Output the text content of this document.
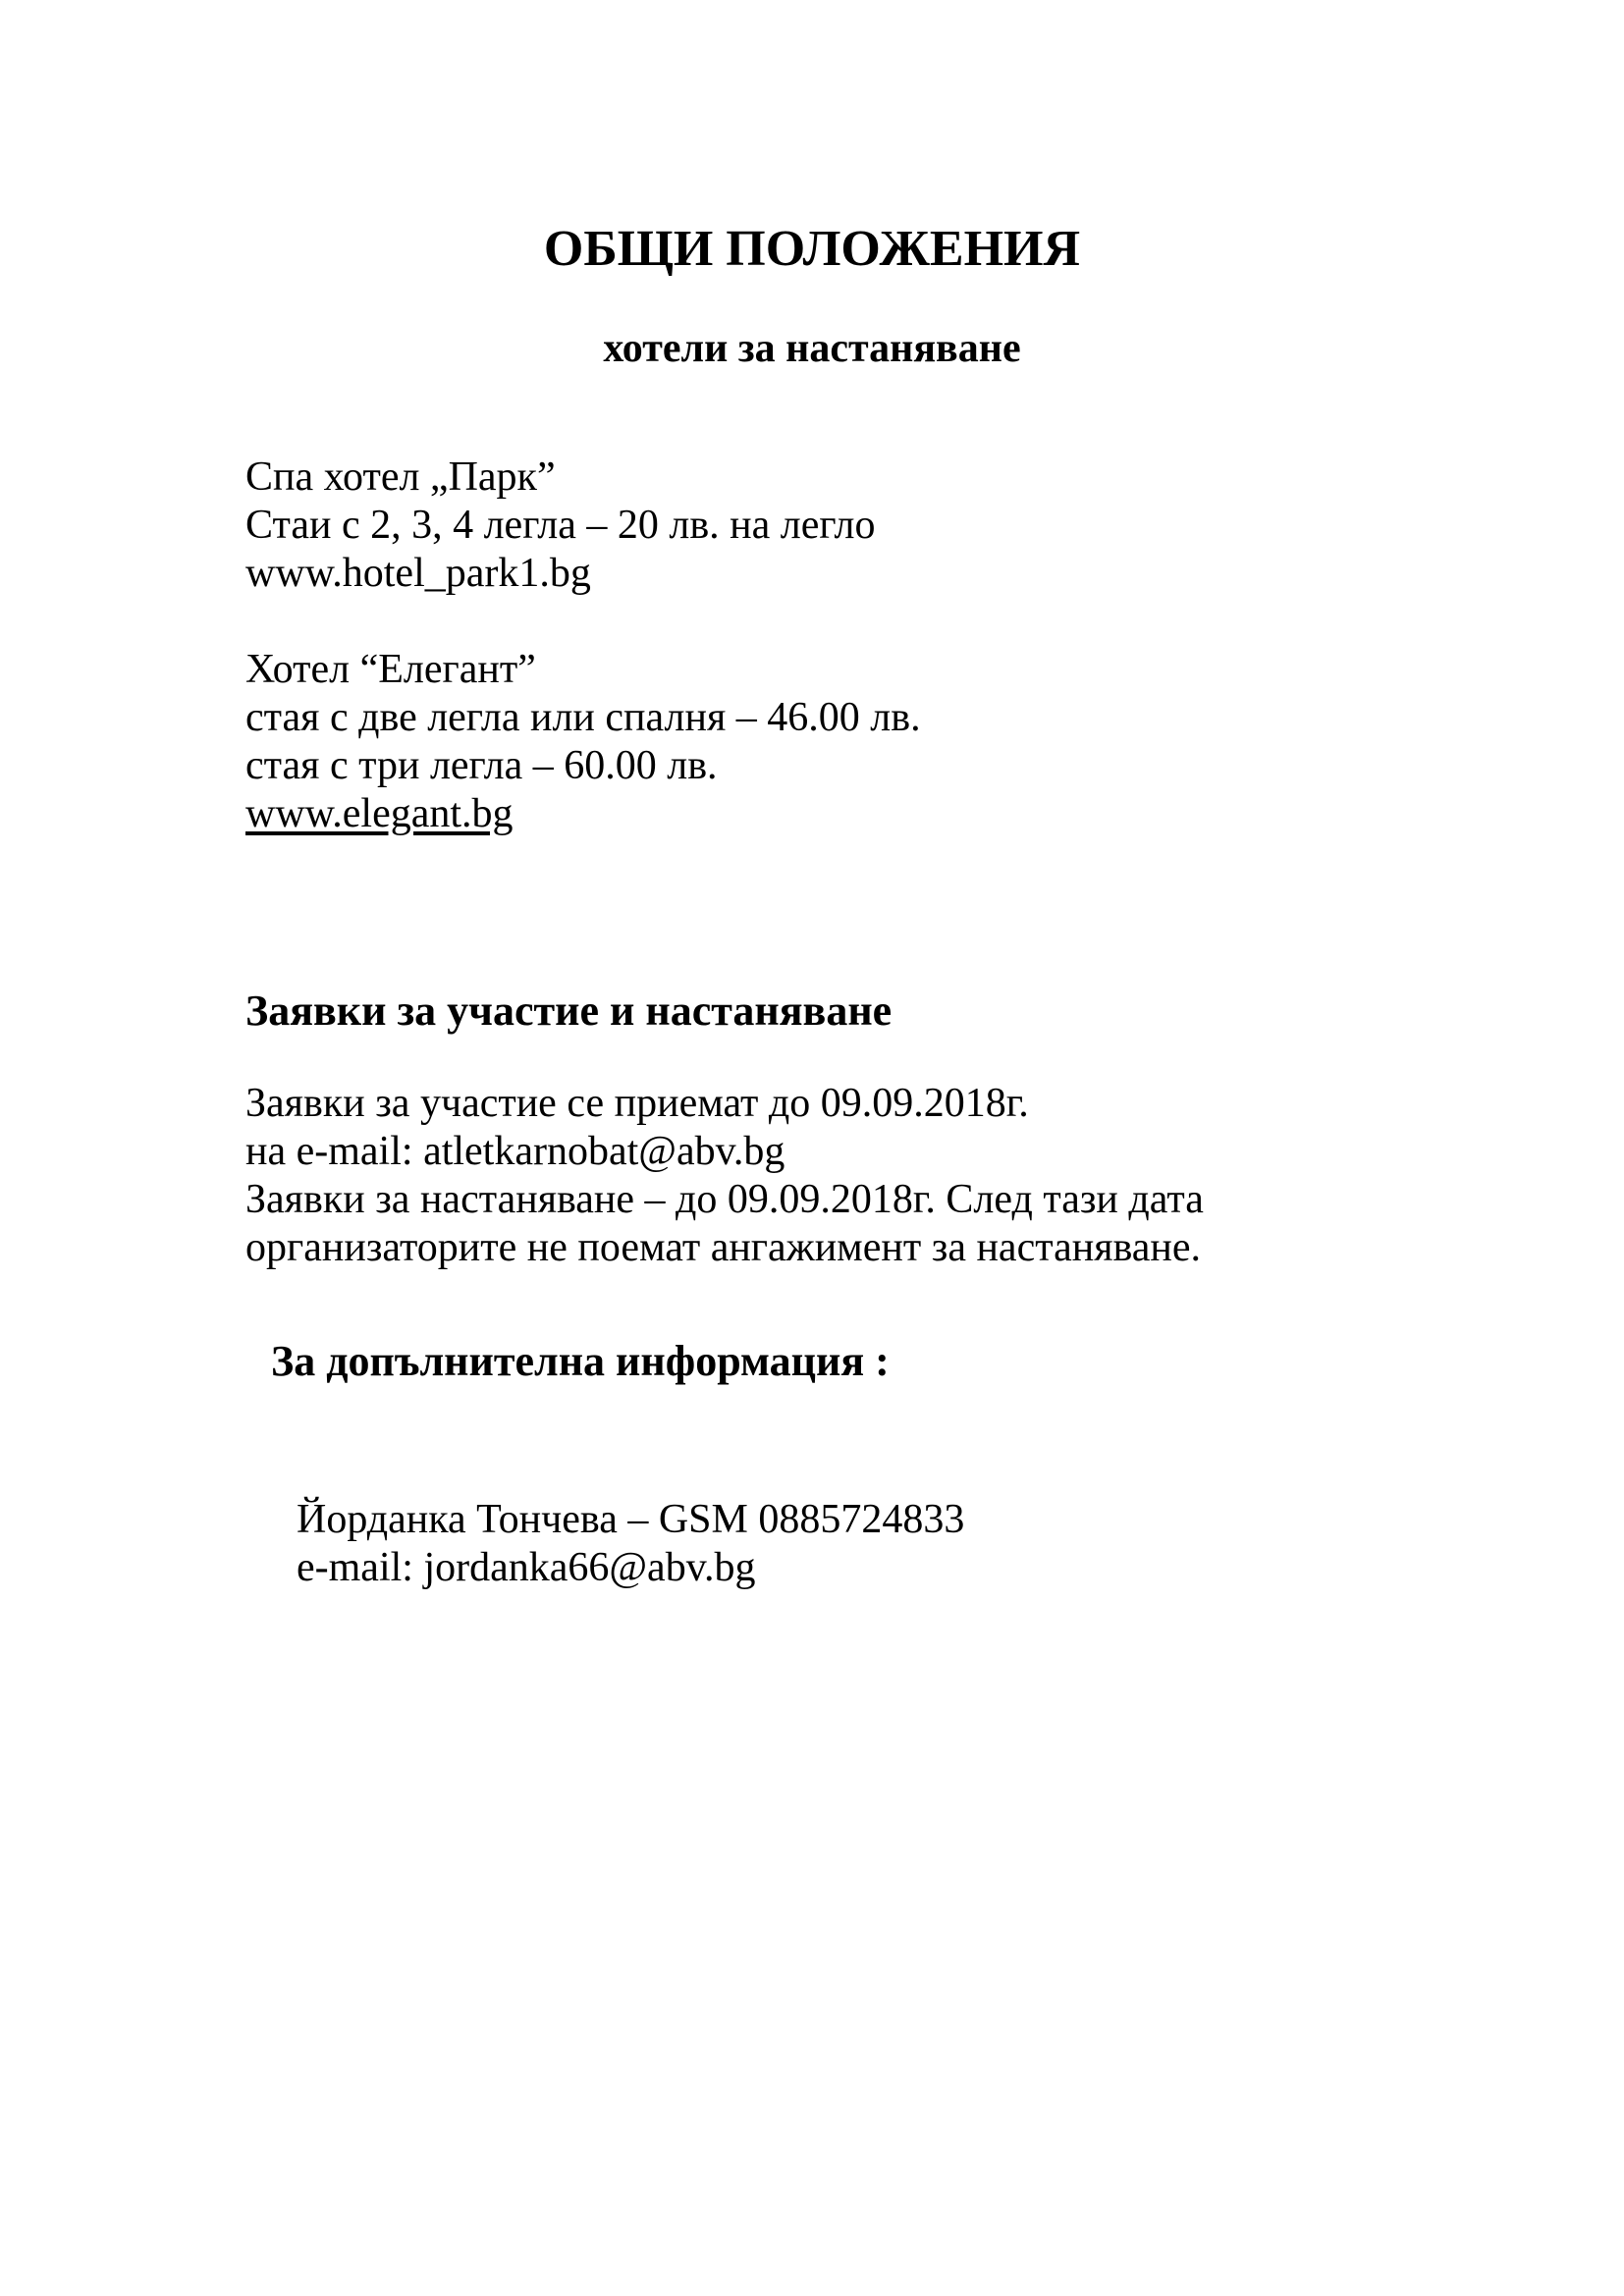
ОБЩИ ПОЛОЖЕНИЯ
хотели за настаняване

Спа хотел „Парк”

Стаи с 2, 3, 4 легла – 20 лв. на легло

www.hotel_park1.bg

Хотел “Елегант”

стая с две легла или спалня – 46.00 лв.

стая с три легла – 60.00 лв.

www.elegant.bg

Заявки за участие и настаняване

Заявки за участие се приемат до 09.09.2018г.

на e-mail: atletkarnobat@abv.bg

Заявки за настаняване – до 09.09.2018г. След тази дата

организаторите не поемат ангажимент за настаняване.

За допълнителна информация :

Йорданка Тончева – GSM 0885724833

e-mail: jordanka66@abv.bg
